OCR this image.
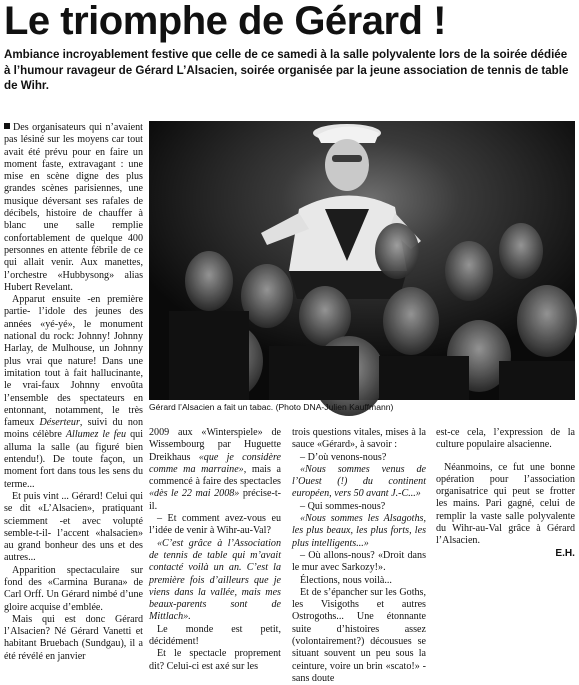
Le triomphe de Gérard !
Ambiance incroyablement festive que celle de ce samedi à la salle polyvalente lors de la soirée dédiée à l’humour ravageur de Gérard L’Alsacien, soirée organisée par la jeune association de tennis de table de Wihr.

Des organisateurs qui n’avaient pas lésiné sur les moyens car tout avait été prévu pour en faire un moment faste, extravagant : une mise en scène digne des plus grandes scènes parisiennes, une musique déversant ses rafales de décibels, histoire de chauffer à blanc une salle remplie confortablement de quelque 400 personnes en attente fébrile de ce qui allait venir. Aux manettes, l’orchestre «Hubbysong» alias Hubert Revelant.

Apparut ensuite -en première partie- l’idole des jeunes des années «yé-yé», le monument national du rock: Johnny! Johnny Harlay, de Mulhouse, un Johnny plus vrai que nature! Dans une imitation tout à fait hallucinante, le vrai-faux Johnny envoûta l’ensemble des spectateurs en entonnant, notamment, le très fameux Déserteur, suivi du non moins célèbre Allumez le feu qui alluma la salle (au figuré bien entendu!). De toute façon, un moment fort dans tous les sens du terme...

Et puis vint ... Gérard! Celui qui se dit «L’Alsacien», pratiquant sciemment -et avec volupté semble-t-il- l’accent «halsacien» au grand bonheur des uns et des autres...

Apparition spectaculaire sur fond des «Carmina Burana» de Carl Orff. Un Gérard nimbé d’une gloire acquise d’emblée.

Mais qui est donc Gérard l’Alsacien? Né Gérard Vanetti et habitant Bruebach (Sundgau), il a été révélé en janvier

Gérard l’Alsacien a fait un tabac. (Photo DNA-Julien Kauffmann)

2009 aux «Winterspiele» de Wissembourg par Huguette Dreikhaus «que je considère comme ma marraine», mais a commencé à faire des spectacles «dès le 22 mai 2008» précise-t-il.

– Et comment avez-vous eu l’idée de venir à Wihr-au-Val?

«C’est grâce à l’Association de tennis de table qui m’avait contacté voilà un an. C’est la première fois d’ailleurs que je viens dans la vallée, mais mes beaux-parents sont de Mittlach».

Le monde est petit, décidément!

Et le spectacle proprement dit? Celui-ci est axé sur les

trois questions vitales, mises à la sauce «Gérard», à savoir :

– D’où venons-nous?

«Nous sommes venus de l’Ouest (!) du continent européen, vers 50 avant J.-C...»

– Qui sommes-nous?

«Nous sommes les Alsagoths, les plus beaux, les plus forts, les plus intelligents...»

– Où allons-nous? «Droit dans le mur avec Sarkozy!».

Élections, nous voilà...

Et de s’épancher sur les Goths, les Visigoths et autres Ostrogoths... Une étonnante suite d’histoires assez (volontairement?) décousues se situant souvent un peu sous la ceinture, voire un brin «scato!» - sans doute

est-ce cela, l’expression de la culture populaire alsacienne.

Néanmoins, ce fut une bonne opération pour l’association organisatrice qui peut se frotter les mains. Pari gagné, celui de remplir la vaste salle polyvalente du Wihr-au-Val grâce à Gérard l’Alsacien.

E.H.
